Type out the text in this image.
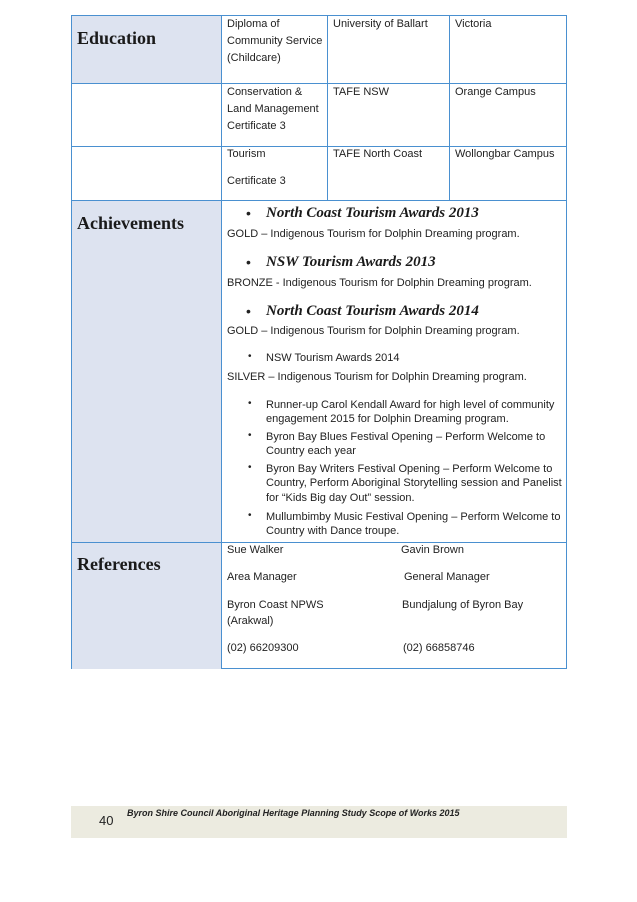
Education
Achievements
References
Diploma of
Community Service
(Childcare)
University of Ballart Victoria
Conservation &
Land Management
Certificate 3
TAFE NSW	Orange Campus
Tourism
Certificate 3
TAFE North Coast	Wollongbar Campus
• North Coast Tourism Awards 2013
GOLD – Indigenous Tourism for Dolphin Dreaming program.
• NSW Tourism Awards 2013
BRONZE - Indigenous Tourism for Dolphin Dreaming program.
• North Coast Tourism Awards 2014
GOLD – Indigenous Tourism for Dolphin Dreaming program.
• NSW Tourism Awards 2014
SILVER – Indigenous Tourism for Dolphin Dreaming program.
• Runner-up Carol Kendall Award for high level of community
engagement 2015 for Dolphin Dreaming program.
• Byron Bay Blues Festival Opening – Perform Welcome to
Country each year
• Byron Bay Writers Festival Opening – Perform Welcome to
Country, Perform Aboriginal Storytelling session and Panelist
for “Kids Big day Out” session.
• Mullumbimby Music Festival Opening – Perform Welcome to
Country with Dance troupe.
Sue Walker
Area Manager
Byron Coast NPWS
(Arakwal)
(02) 66209300
Gavin Brown
General Manager
Bundjalung of Byron Bay
(02) 66858746
40 Byron Shire Council Aboriginal Heritage Planning Study Scope of Works 2015
